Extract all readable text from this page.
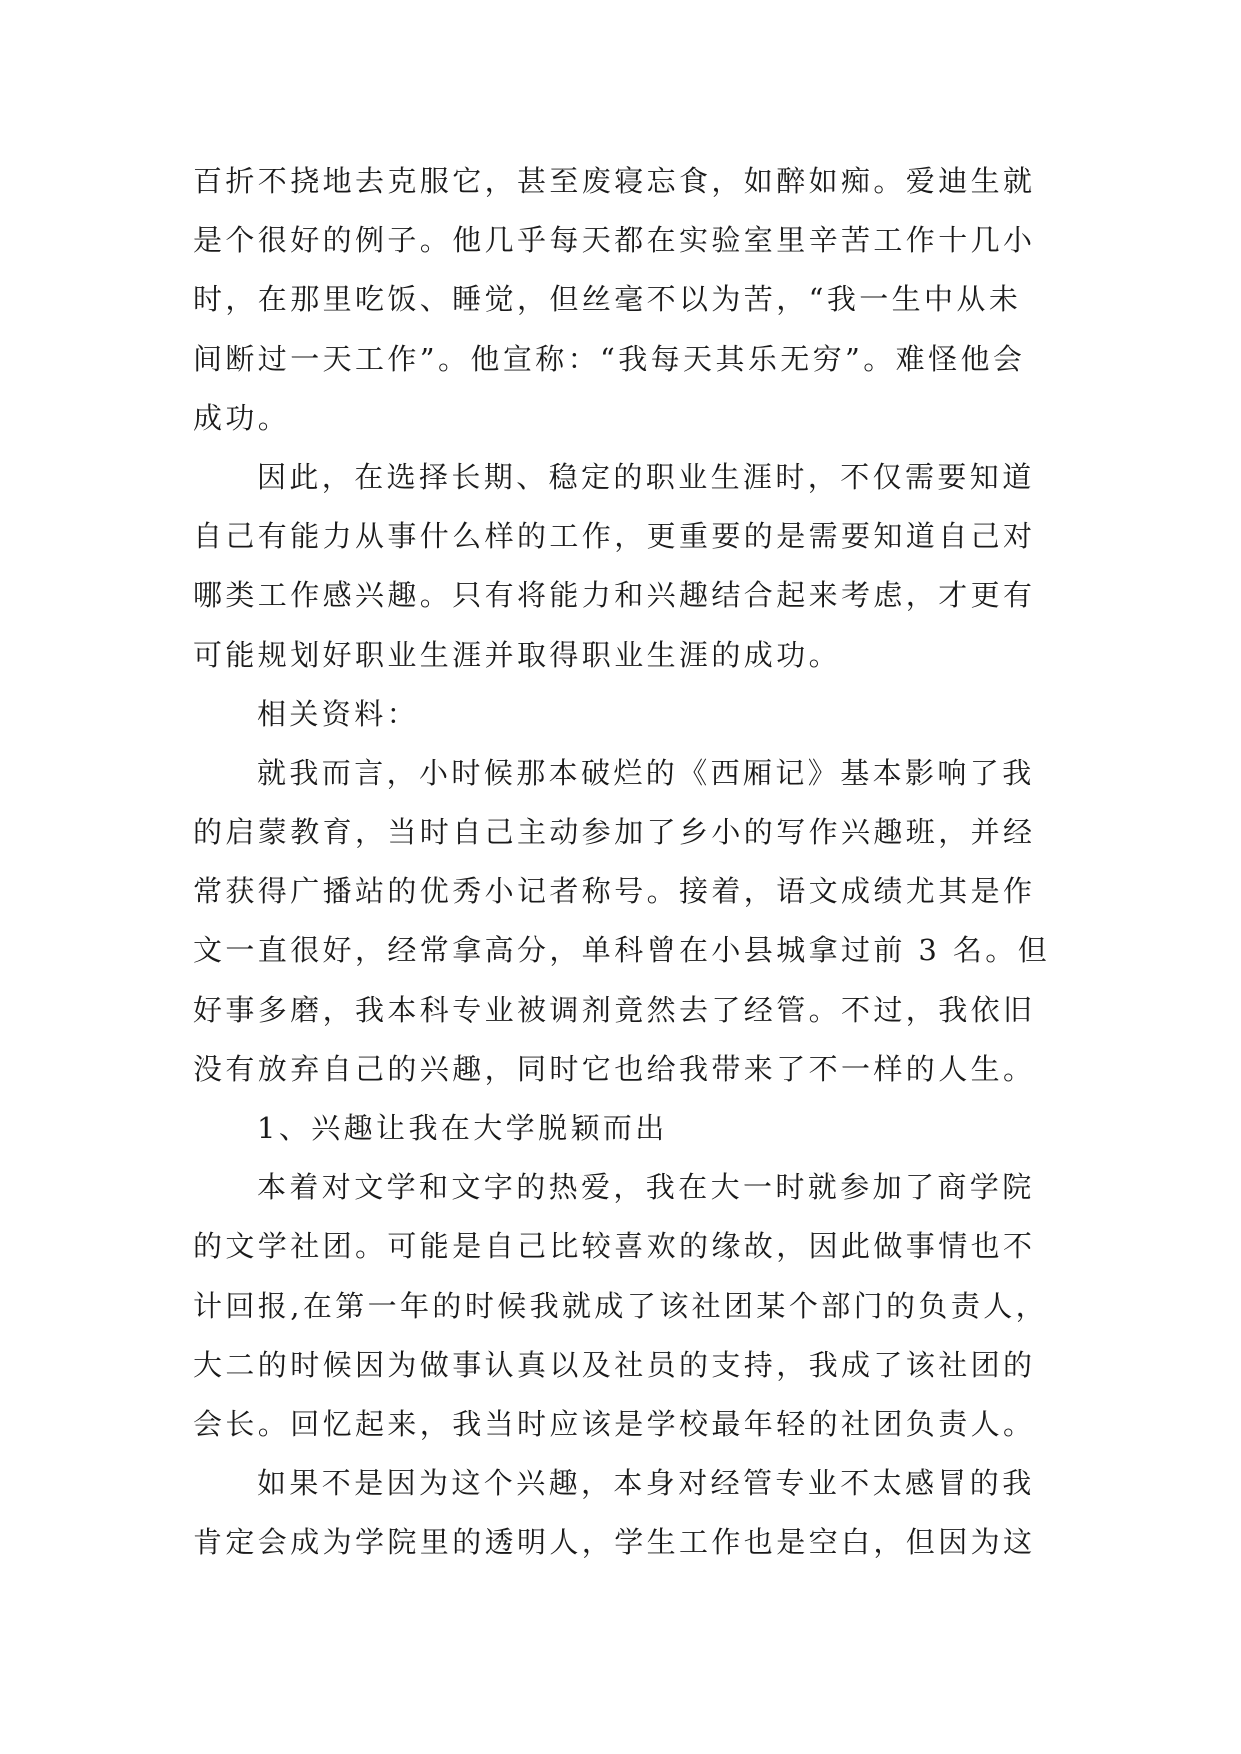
百折不挠地去克服它，甚至废寝忘食，如醉如痴。爱迪生就
是个很好的例子。他几乎每天都在实验室里辛苦工作十几小
时，在那里吃饭、睡觉，但丝毫不以为苦，“我一生中从未
间断过一天工作”。他宣称：“我每天其乐无穷”。难怪他会
成功。
因此，在选择长期、稳定的职业生涯时，不仅需要知道
自己有能力从事什么样的工作，更重要的是需要知道自己对
哪类工作感兴趣。只有将能力和兴趣结合起来考虑，才更有
可能规划好职业生涯并取得职业生涯的成功。
相关资料：
就我而言，小时候那本破烂的《西厢记》基本影响了我
的启蒙教育，当时自己主动参加了乡小的写作兴趣班，并经
常获得广播站的优秀小记者称号。接着，语文成绩尤其是作
文一直很好，经常拿高分，单科曾在小县城拿过前 3 名。但
好事多磨，我本科专业被调剂竟然去了经管。不过，我依旧
没有放弃自己的兴趣，同时它也给我带来了不一样的人生。
1、兴趣让我在大学脱颖而出
本着对文学和文字的热爱，我在大一时就参加了商学院
的文学社团。可能是自己比较喜欢的缘故，因此做事情也不
计回报,在第一年的时候我就成了该社团某个部门的负责人，
大二的时候因为做事认真以及社员的支持，我成了该社团的
会长。回忆起来，我当时应该是学校最年轻的社团负责人。
如果不是因为这个兴趣，本身对经管专业不太感冒的我
肯定会成为学院里的透明人，学生工作也是空白，但因为这
